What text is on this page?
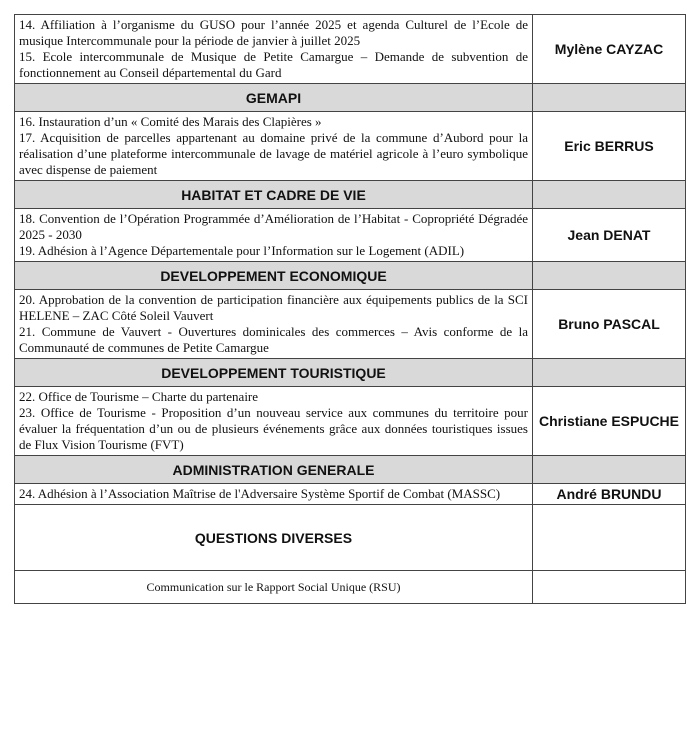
14. Affiliation à l’organisme du GUSO pour l’année 2025 et agenda Culturel de l’Ecole de musique Intercommunale pour la période de janvier à juillet 2025

15. Ecole intercommunale de Musique de Petite Camargue – Demande de subvention de fonctionnement au Conseil départemental du Gard	Mylène CAYZAC
GEMAPI	

16. Instauration d’un « Comité des Marais des Clapières »

17. Acquisition de parcelles appartenant au domaine privé de la commune d’Aubord pour la réalisation d’une plateforme intercommunale de lavage de matériel agricole à l’euro symbolique avec dispense de paiement	Eric BERRUS
HABITAT ET CADRE DE VIE	

18. Convention de l’Opération Programmée d’Amélioration de l’Habitat - Copropriété Dégradée 2025 - 2030

19. Adhésion à l’Agence Départementale pour l’Information sur le Logement (ADIL)	Jean DENAT
DEVELOPPEMENT ECONOMIQUE	

20. Approbation de la convention de participation financière aux équipements publics de la SCI HELENE – ZAC Côté Soleil Vauvert

21. Commune de Vauvert - Ouvertures dominicales des commerces – Avis conforme de la Communauté de communes de Petite Camargue	Bruno PASCAL
DEVELOPPEMENT TOURISTIQUE	

22. Office de Tourisme – Charte du partenaire

23. Office de Tourisme - Proposition d’un nouveau service aux communes du territoire pour évaluer la fréquentation d’un ou de plusieurs événements grâce aux données touristiques issues de Flux Vision Tourisme (FVT)	Christiane ESPUCHE
ADMINISTRATION GENERALE	

24. Adhésion à l’Association Maîtrise de l'Adversaire Système Sportif de Combat (MASSC)	André BRUNDU
QUESTIONS DIVERSES	
Communication sur le Rapport Social Unique (RSU)	
